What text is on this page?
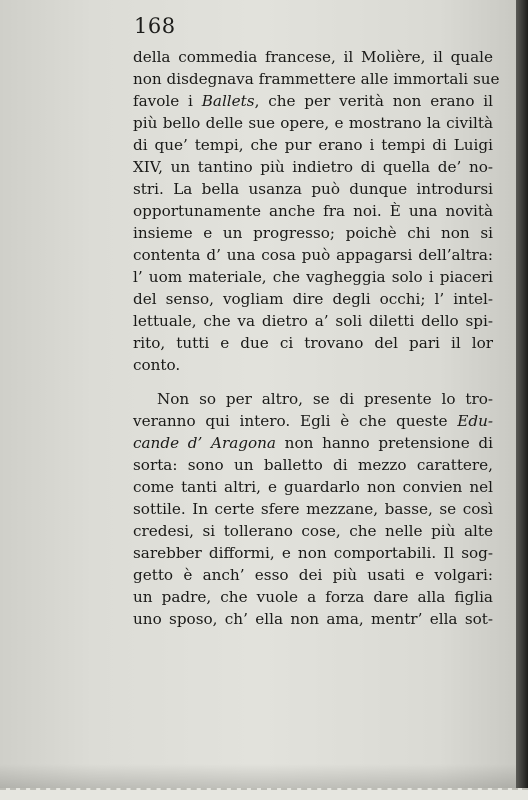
168
della commedia francese, il Molière, il quale
non disdegnava frammettere alle immortali sue
favole i Ballets, che per verità non erano il
più bello delle sue opere, e mostrano la civiltà
di que’ tempi, che pur erano i tempi di Luigi
XIV, un tantino più indietro di quella de’ no-
stri. La bella usanza può dunque introdursi
opportunamente anche fra noi. È una novità
insieme e un progresso; poichè chi non si
contenta d’ una cosa può appagarsi dell’altra:
l’ uom materiale, che vagheggia solo i piaceri
del senso, vogliam dire degli occhi; l’ intel-
lettuale, che va dietro a’ soli diletti dello spi-
rito, tutti e due ci trovano del pari il lor
conto.
Non so per altro, se di presente lo tro-
veranno qui intero. Egli è che queste Edu-
cande d’ Aragona non hanno pretensione di
sorta: sono un balletto di mezzo carattere,
come tanti altri, e guardarlo non convien nel
sottile. In certe sfere mezzane, basse, se così
credesi, si tollerano cose, che nelle più alte
sarebber difformi, e non comportabili. Il sog-
getto è anch’ esso dei più usati e volgari:
un padre, che vuole a forza dare alla figlia
uno sposo, ch’ ella non ama, mentr’ ella sot-
